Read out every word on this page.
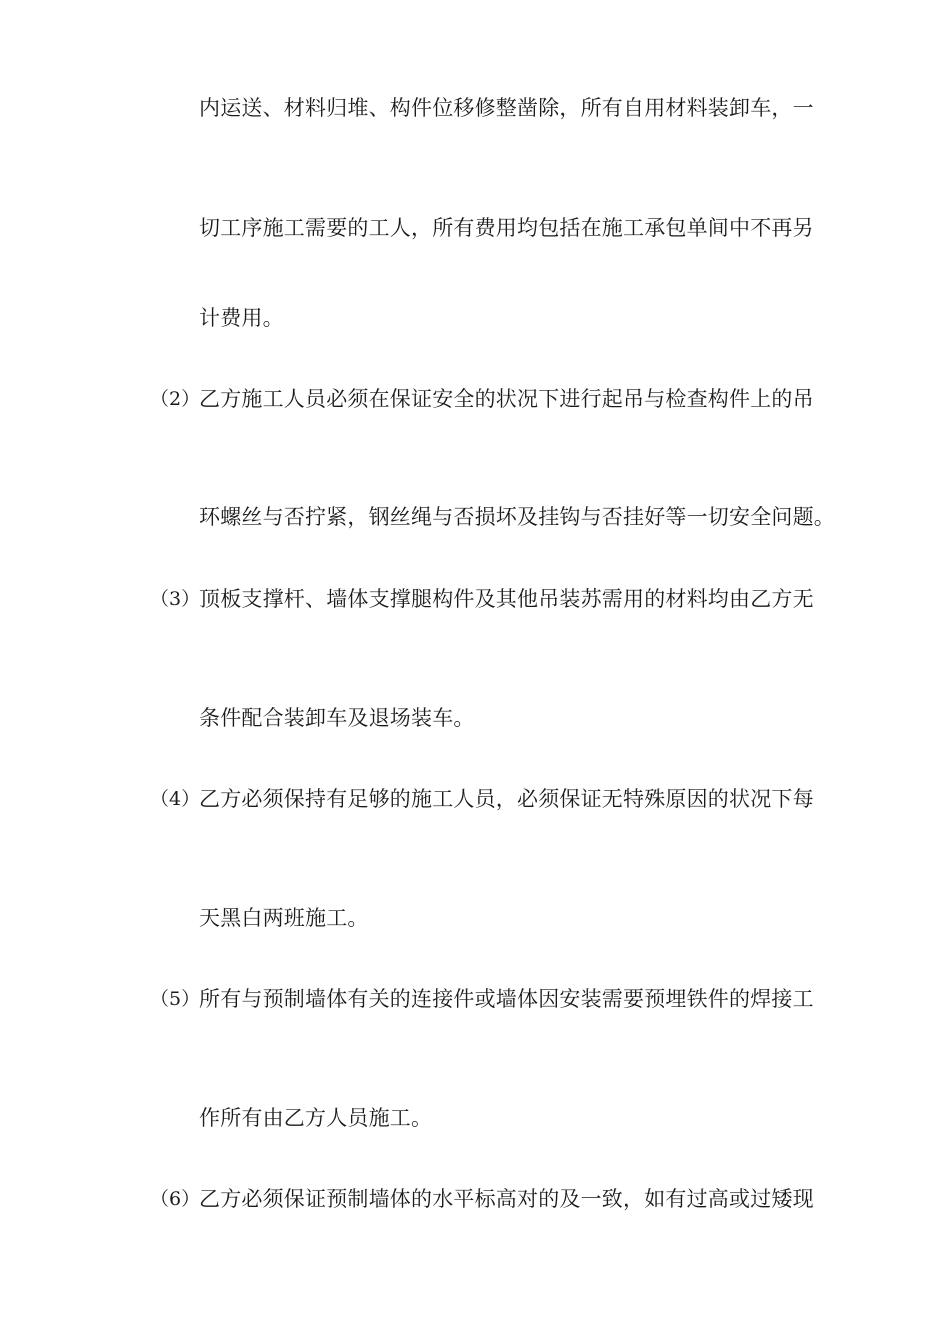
内运送、材料归堆、构件位移修整凿除，所有自用材料装卸车，一
切工序施工需要的工人，所有费用均包括在施工承包单间中不再另
计费用。
（2）
乙方施工人员必须在保证安全的状况下进行起吊与检查构件上的吊
环螺丝与否拧紧，钢丝绳与否损坏及挂钩与否挂好等一切安全问题。
（3）
顶板支撑杆、墙体支撑腿构件及其他吊装苏需用的材料均由乙方无
条件配合装卸车及退场装车。
（4）
乙方必须保持有足够的施工人员，必须保证无特殊原因的状况下每
天黑白两班施工。
（5）
所有与预制墙体有关的连接件或墙体因安装需要预埋铁件的焊接工
作所有由乙方人员施工。
（6）
乙方必须保证预制墙体的水平标高对的及一致，如有过高或过矮现
